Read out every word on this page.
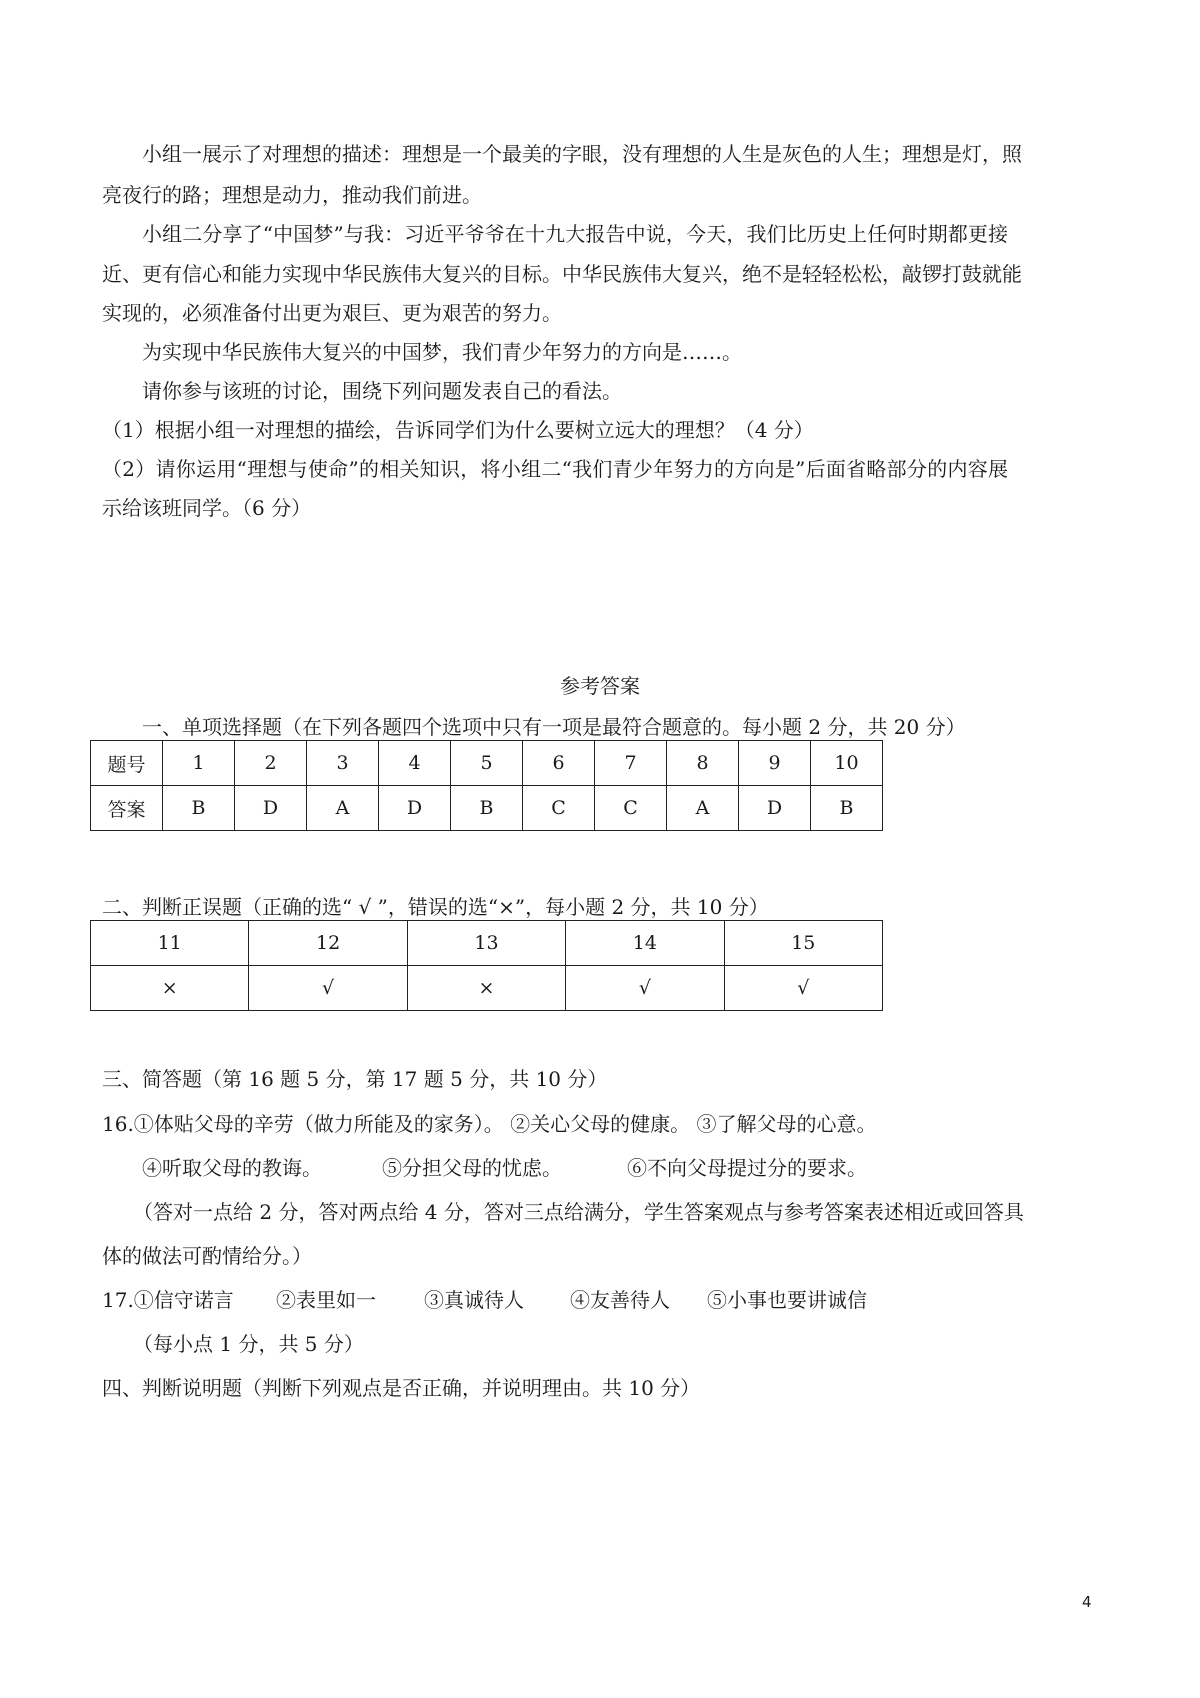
小组一展示了对理想的描述：理想是一个最美的字眼，没有理想的人生是灰色的人生；理想是灯，照
亮夜行的路；理想是动力，推动我们前进。
小组二分享了“中国梦”与我：习近平爷爷在十九大报告中说，今天，我们比历史上任何时期都更接
近、更有信心和能力实现中华民族伟大复兴的目标。中华民族伟大复兴，绝不是轻轻松松，敲锣打鼓就能
实现的，必须准备付出更为艰巨、更为艰苦的努力。
为实现中华民族伟大复兴的中国梦，我们青少年努力的方向是……。
请你参与该班的讨论，围绕下列问题发表自己的看法。
（1）根据小组一对理想的描绘，告诉同学们为什么要树立远大的理想？（4 分）
（2）请你运用“理想与使命”的相关知识，将小组二“我们青少年努力的方向是”后面省略部分的内容展
示给该班同学。（6 分）
参考答案
一、单项选择题（在下列各题四个选项中只有一项是最符合题意的。每小题 2 分，共 20 分）
题号	1	2	3	4	5	6	7	8	9	10
答案	B	D	A	D	B	C	C	A	D	B
二、判断正误题（正确的选“ √ ”，错误的选“×”，每小题 2 分，共 10 分）
11	12	13	14	15
×	√	×	√	√
三、简答题（第 16 题 5 分，第 17 题 5 分，共 10 分）
16.①体贴父母的辛劳（做力所能及的家务）。 ②关心父母的健康。 ③了解父母的心意。
④听取父母的教诲。	⑤分担父母的忧虑。	⑥不向父母提过分的要求。
（答对一点给 2 分，答对两点给 4 分，答对三点给满分，学生答案观点与参考答案表述相近或回答具
体的做法可酌情给分。）
17.①信守诺言 ②表里如一 ③真诚待人 ④友善待人 ⑤小事也要讲诚信
（每小点 1 分，共 5 分）
四、判断说明题（判断下列观点是否正确，并说明理由。共 10 分）
4
